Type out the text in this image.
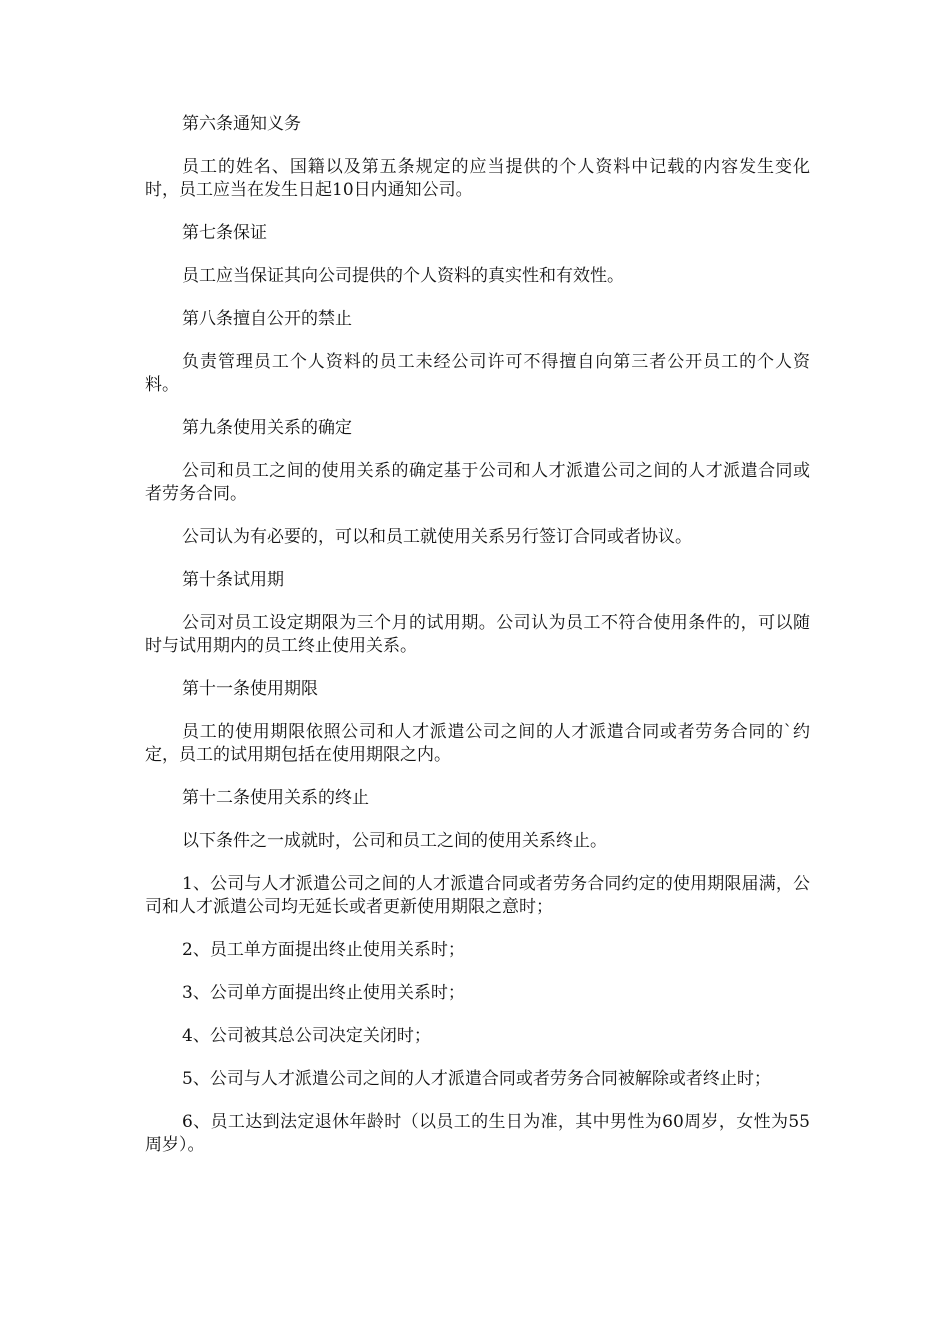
第六条通知义务

员工的姓名、国籍以及第五条规定的应当提供的个人资料中记载的内容发生变化时，员工应当在发生日起10日内通知公司。

第七条保证

员工应当保证其向公司提供的个人资料的真实性和有效性。

第八条擅自公开的禁止

负责管理员工个人资料的员工未经公司许可不得擅自向第三者公开员工的个人资料。

第九条使用关系的确定

公司和员工之间的使用关系的确定基于公司和人才派遣公司之间的人才派遣合同或者劳务合同。

公司认为有必要的，可以和员工就使用关系另行签订合同或者协议。

第十条试用期

公司对员工设定期限为三个月的试用期。公司认为员工不符合使用条件的，可以随时与试用期内的员工终止使用关系。

第十一条使用期限

员工的使用期限依照公司和人才派遣公司之间的人才派遣合同或者劳务合同的`约定，员工的试用期包括在使用期限之内。

第十二条使用关系的终止

以下条件之一成就时，公司和员工之间的使用关系终止。

1、公司与人才派遣公司之间的人才派遣合同或者劳务合同约定的使用期限届满，公司和人才派遣公司均无延长或者更新使用期限之意时；

2、员工单方面提出终止使用关系时；

3、公司单方面提出终止使用关系时；

4、公司被其总公司决定关闭时；

5、公司与人才派遣公司之间的人才派遣合同或者劳务合同被解除或者终止时；

6、员工达到法定退休年龄时（以员工的生日为准，其中男性为60周岁，女性为55周岁）。
